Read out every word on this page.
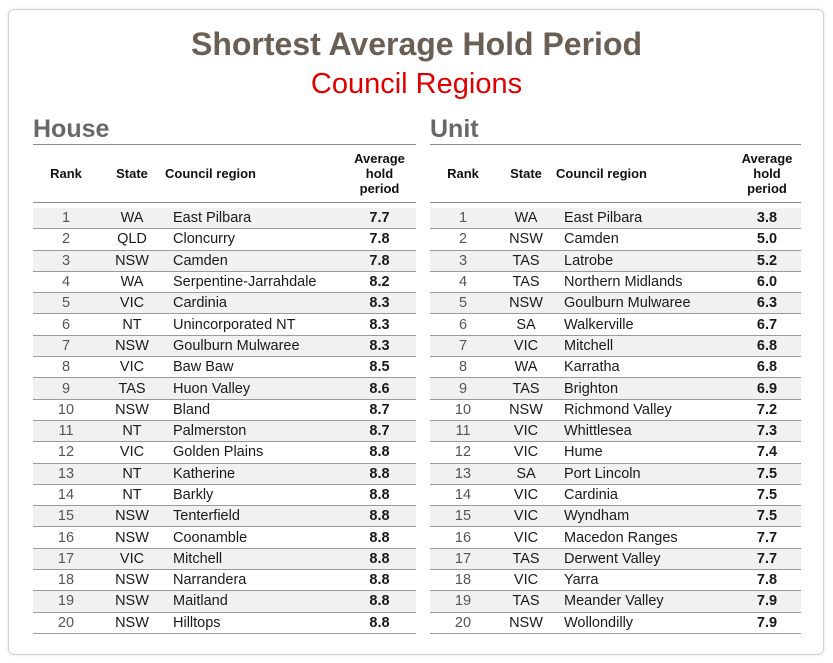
Shortest Average Hold Period
Council Regions
House
Rank	State	Council region	Average
hold
period

1	WA	East Pilbara	7.7
2	QLD	Cloncurry	7.8
3	NSW	Camden	7.8
4	WA	Serpentine-Jarrahdale	8.2
5	VIC	Cardinia	8.3
6	NT	Unincorporated NT	8.3
7	NSW	Goulburn Mulwaree	8.3
8	VIC	Baw Baw	8.5
9	TAS	Huon Valley	8.6
10	NSW	Bland	8.7
11	NT	Palmerston	8.7
12	VIC	Golden Plains	8.8
13	NT	Katherine	8.8
14	NT	Barkly	8.8
15	NSW	Tenterfield	8.8
16	NSW	Coonamble	8.8
17	VIC	Mitchell	8.8
18	NSW	Narrandera	8.8
19	NSW	Maitland	8.8
20	NSW	Hilltops	8.8
Unit
Rank	State	Council region	Average
hold
period

1	WA	East Pilbara	3.8
2	NSW	Camden	5.0
3	TAS	Latrobe	5.2
4	TAS	Northern Midlands	6.0
5	NSW	Goulburn Mulwaree	6.3
6	SA	Walkerville	6.7
7	VIC	Mitchell	6.8
8	WA	Karratha	6.8
9	TAS	Brighton	6.9
10	NSW	Richmond Valley	7.2
11	VIC	Whittlesea	7.3
12	VIC	Hume	7.4
13	SA	Port Lincoln	7.5
14	VIC	Cardinia	7.5
15	VIC	Wyndham	7.5
16	VIC	Macedon Ranges	7.7
17	TAS	Derwent Valley	7.7
18	VIC	Yarra	7.8
19	TAS	Meander Valley	7.9
20	NSW	Wollondilly	7.9
